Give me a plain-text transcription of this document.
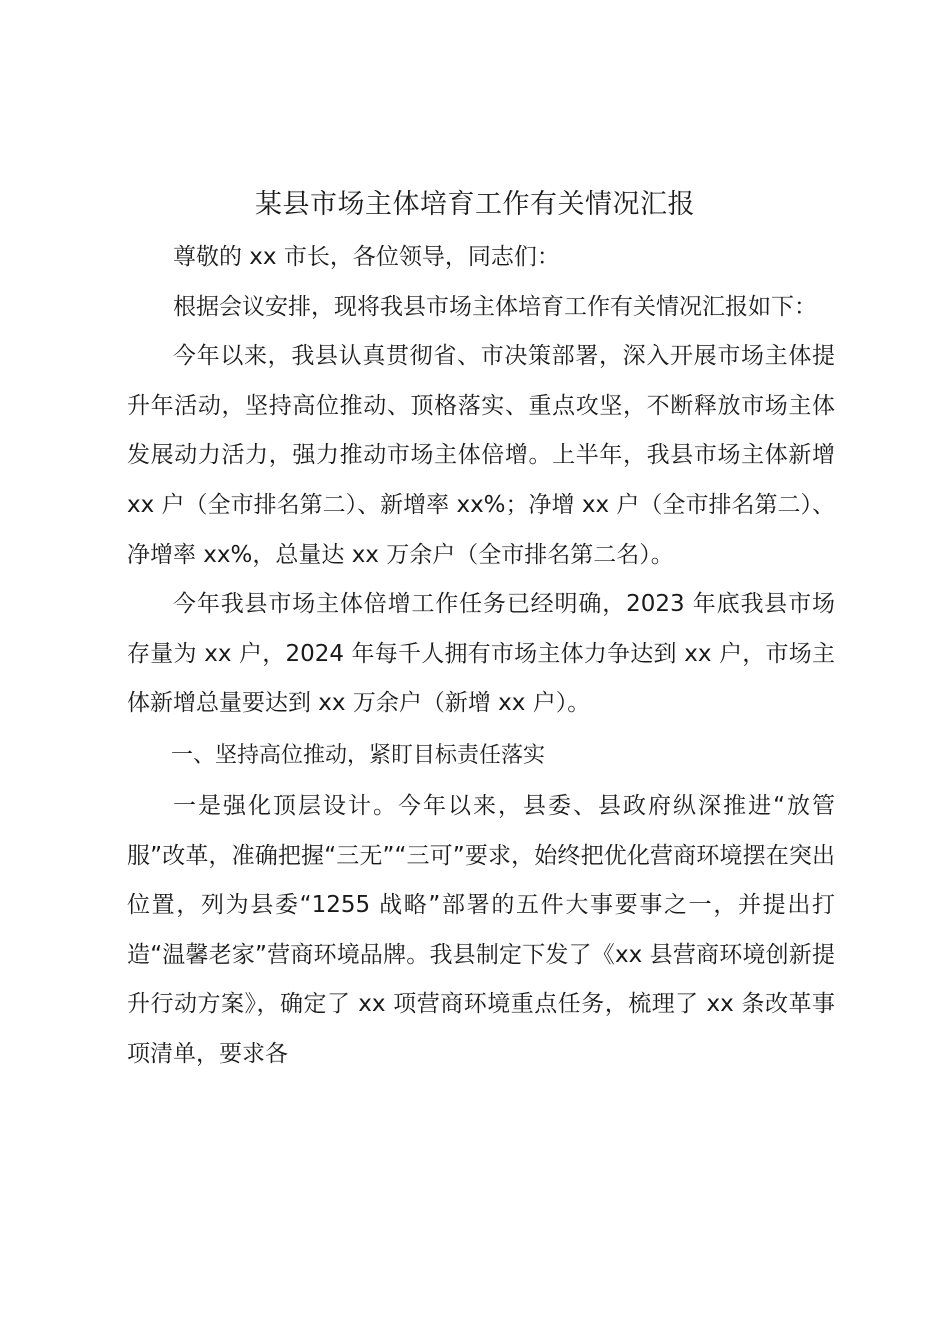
某县市场主体培育工作有关情况汇报

尊敬的 xx 市长，各位领导，同志们：

根据会议安排，现将我县市场主体培育工作有关情况汇报如下：

今年以来，我县认真贯彻省、市决策部署，深入开展市场主体提升年活动，坚持高位推动、顶格落实、重点攻坚，不断释放市场主体发展动力活力，强力推动市场主体倍增。上半年，我县市场主体新增 xx 户（全市排名第二）、新增率 xx%；净增 xx 户（全市排名第二）、净增率 xx%，总量达 xx 万余户（全市排名第二名）。

今年我县市场主体倍增工作任务已经明确，2023 年底我县市场存量为 xx 户，2024 年每千人拥有市场主体力争达到 xx 户，市场主体新增总量要达到 xx 万余户（新增 xx 户）。

一、坚持高位推动，紧盯目标责任落实

一是强化顶层设计。今年以来，县委、县政府纵深推进“放管服”改革，准确把握“三无”“三可”要求，始终把优化营商环境摆在突出位置，列为县委“1255 战略”部署的五件大事要事之一，并提出打造“温馨老家”营商环境品牌。我县制定下发了《xx 县营商环境创新提升行动方案》，确定了 xx 项营商环境重点任务，梳理了 xx 条改革事项清单，要求各
